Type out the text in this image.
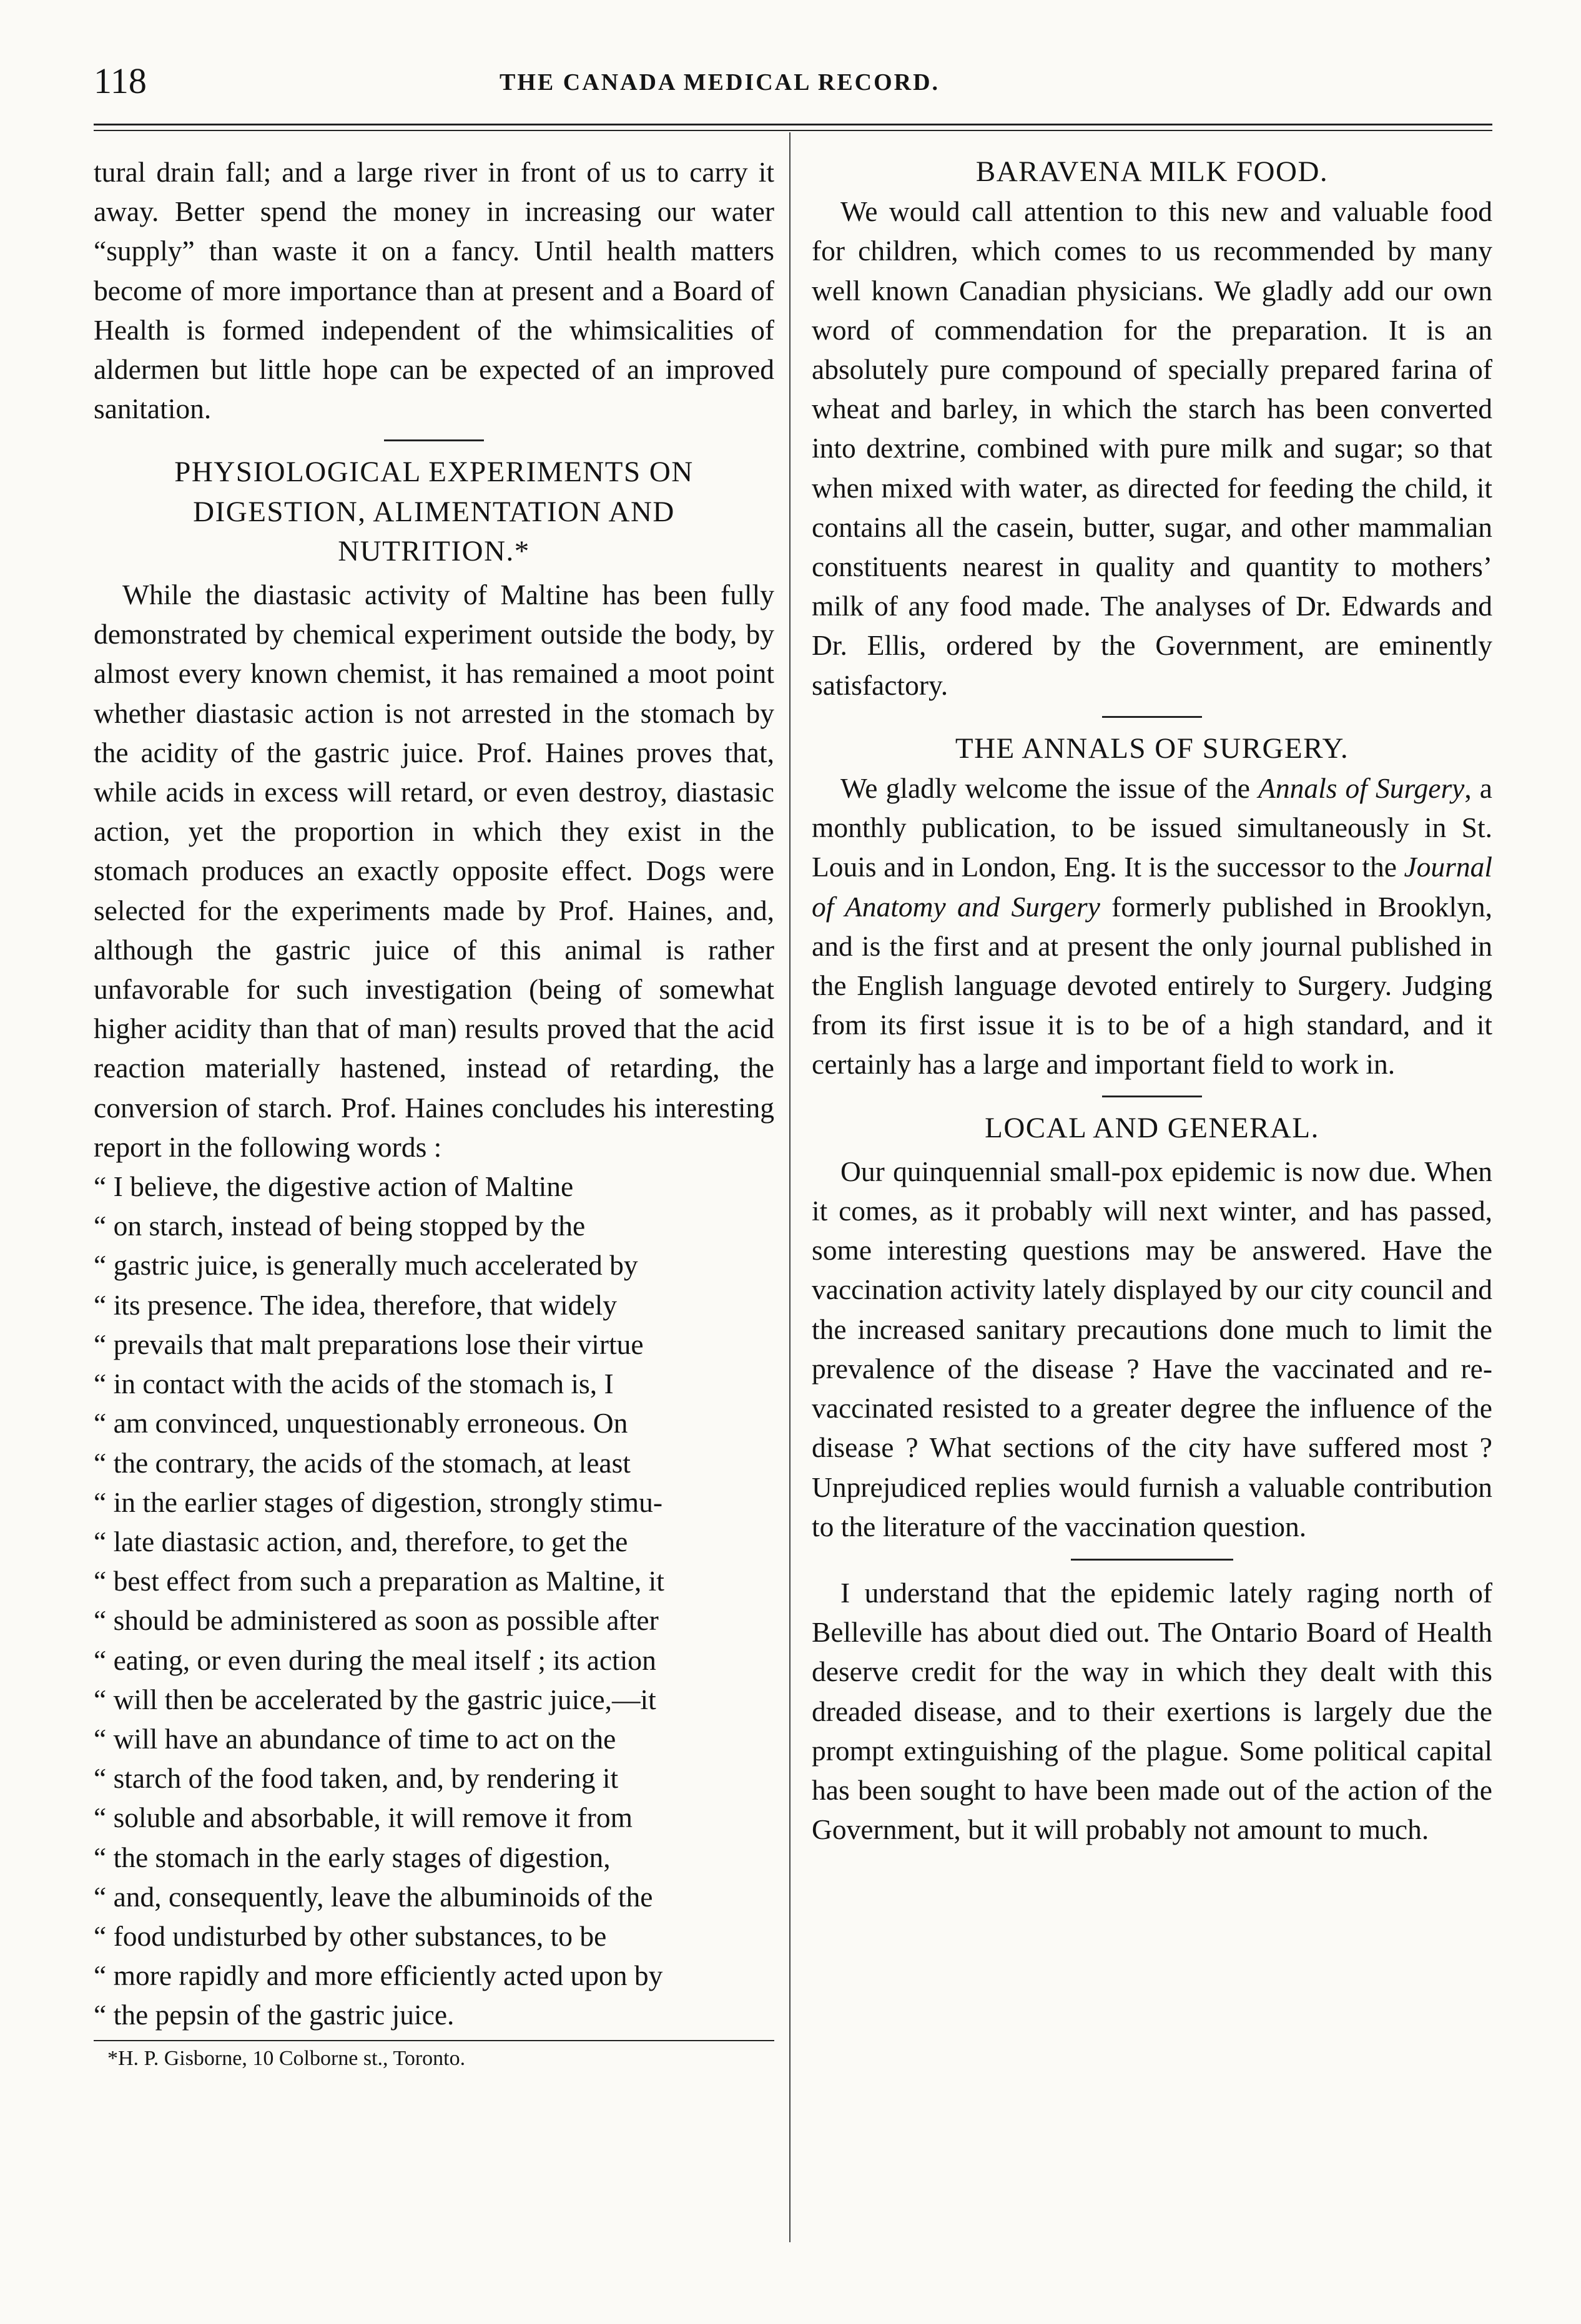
118	THE CANADA MEDICAL RECORD.

tural drain fall; and a large river in front of us to carry it away. Better spend the money in increasing our water “supply” than waste it on a fancy. Until health matters become of more importance than at present and a Board of Health is formed independent of the whimsicalities of aldermen but little hope can be expected of an improved sanitation.

PHYSIOLOGICAL EXPERIMENTS ON DIGESTION, ALIMENTATION AND NUTRITION.*

While the diastasic activity of Maltine has been fully demonstrated by chemical experiment outside the body, by almost every known chemist, it has remained a moot point whether diastasic action is not arrested in the stomach by the acidity of the gastric juice. Prof. Haines proves that, while acids in excess will retard, or even destroy, diastasic action, yet the proportion in which they exist in the stomach produces an exactly opposite effect. Dogs were selected for the experiments made by Prof. Haines, and, although the gastric juice of this animal is rather unfavorable for such investigation (being of somewhat higher acidity than that of man) results proved that the acid reaction materially hastened, instead of retarding, the conversion of starch. Prof. Haines concludes his interesting report in the following words :

“ I believe, the digestive action of Maltine
“ on starch, instead of being stopped by the
“ gastric juice, is generally much accelerated by
“ its presence. The idea, therefore, that widely
“ prevails that malt preparations lose their virtue
“ in contact with the acids of the stomach is, I
“ am convinced, unquestionably erroneous. On
“ the contrary, the acids of the stomach, at least
“ in the earlier stages of digestion, strongly stimu-
“ late diastasic action, and, therefore, to get the
“ best effect from such a preparation as Maltine, it
“ should be administered as soon as possible after
“ eating, or even during the meal itself ; its action
“ will then be accelerated by the gastric juice,—it
“ will have an abundance of time to act on the
“ starch of the food taken, and, by rendering it
“ soluble and absorbable, it will remove it from
“ the stomach in the early stages of digestion,
“ and, consequently, leave the albuminoids of the
“ food undisturbed by other substances, to be
“ more rapidly and more efficiently acted upon by
“ the pepsin of the gastric juice.
*H. P. Gisborne, 10 Colborne st., Toronto.
BARAVENA MILK FOOD.

We would call attention to this new and valuable food for children, which comes to us recommended by many well known Canadian physicians. We gladly add our own word of commendation for the preparation. It is an absolutely pure compound of specially prepared farina of wheat and barley, in which the starch has been converted into dextrine, combined with pure milk and sugar; so that when mixed with water, as directed for feeding the child, it contains all the casein, butter, sugar, and other mammalian constituents nearest in quality and quantity to mothers’ milk of any food made. The analyses of Dr. Edwards and Dr. Ellis, ordered by the Government, are eminently satisfactory.

THE ANNALS OF SURGERY.

We gladly welcome the issue of the Annals of Surgery, a monthly publication, to be issued simultaneously in St. Louis and in London, Eng. It is the successor to the Journal of Anatomy and Surgery formerly published in Brooklyn, and is the first and at present the only journal published in the English language devoted entirely to Surgery. Judging from its first issue it is to be of a high standard, and it certainly has a large and important field to work in.

LOCAL AND GENERAL.

Our quinquennial small-pox epidemic is now due. When it comes, as it probably will next winter, and has passed, some interesting questions may be answered. Have the vaccination activity lately displayed by our city council and the increased sanitary precautions done much to limit the prevalence of the disease ? Have the vaccinated and re-vaccinated resisted to a greater degree the influence of the disease ? What sections of the city have suffered most ? Unprejudiced replies would furnish a valuable contribution to the literature of the vaccination question.

I understand that the epidemic lately raging north of Belleville has about died out. The Ontario Board of Health deserve credit for the way in which they dealt with this dreaded disease, and to their exertions is largely due the prompt extinguishing of the plague. Some political capital has been sought to have been made out of the action of the Government, but it will probably not amount to much.
